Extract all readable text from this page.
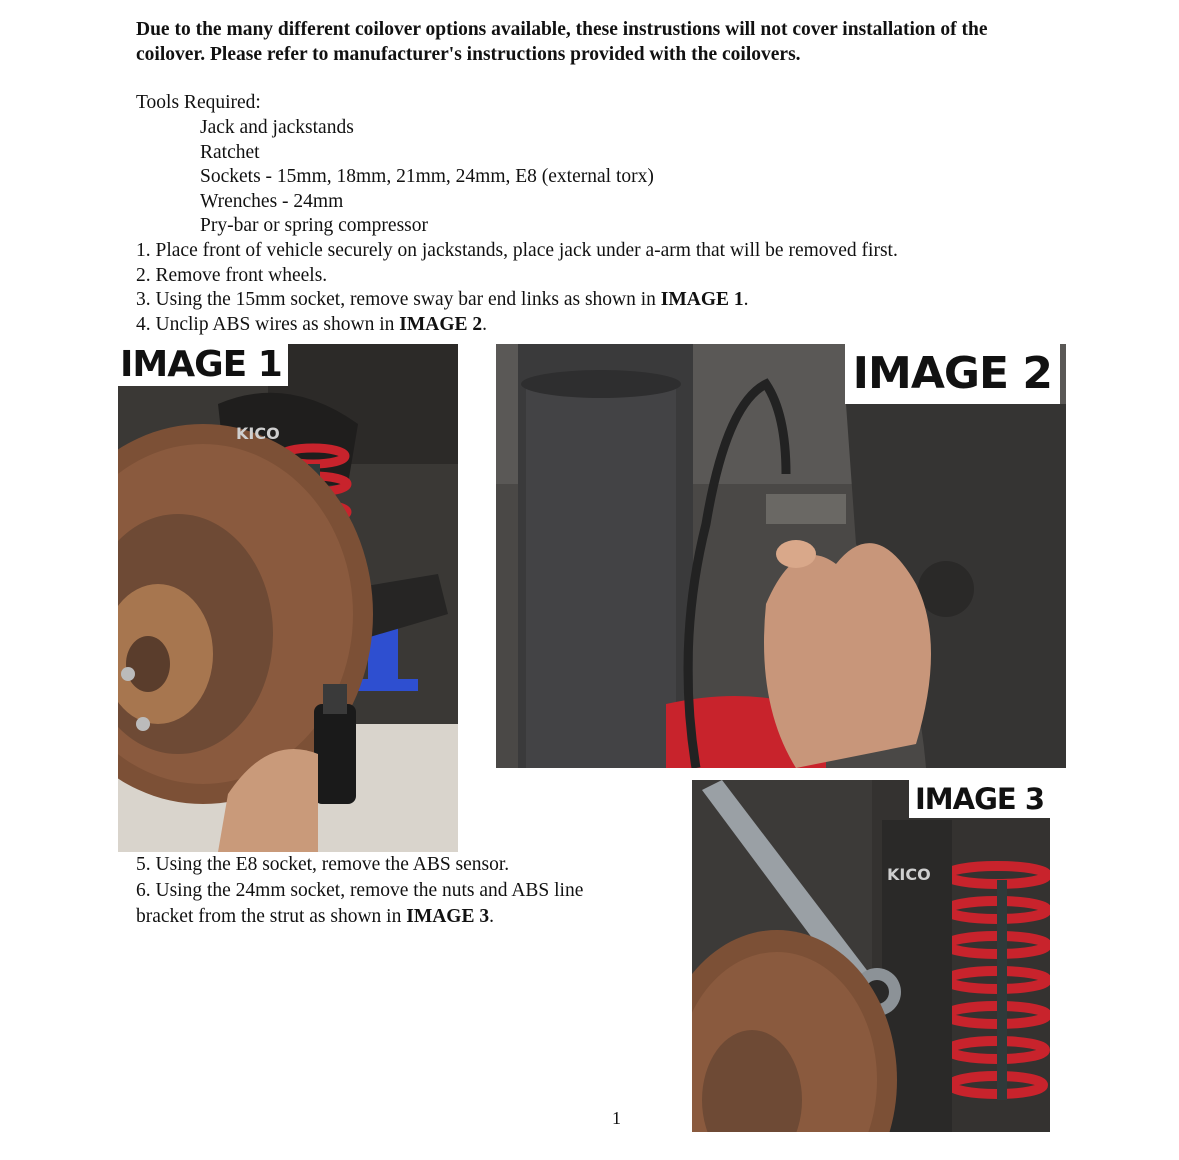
Due to the many different coilover options available, these instrustions will not cover installation of the

coilover. Please refer to manufacturer's instructions provided with the coilovers.

Tools Required:
Jack and jackstands
Ratchet
Sockets - 15mm, 18mm, 21mm, 24mm, E8 (external torx)
Wrenches - 24mm
Pry-bar or spring compressor
1. Place front of vehicle securely on jackstands, place jack under a-arm that will be removed first.
2. Remove front wheels.
3. Using the 15mm socket, remove sway bar end links as shown in IMAGE 1.
4. Unclip ABS wires as shown in IMAGE 2.
KICO
IMAGE 1	IMAGE 2
5. Using the E8 socket, remove the ABS sensor.
6. Using the 24mm socket, remove the nuts and ABS line
bracket from the strut as shown in IMAGE 3.
KICO
IMAGE 3
1
